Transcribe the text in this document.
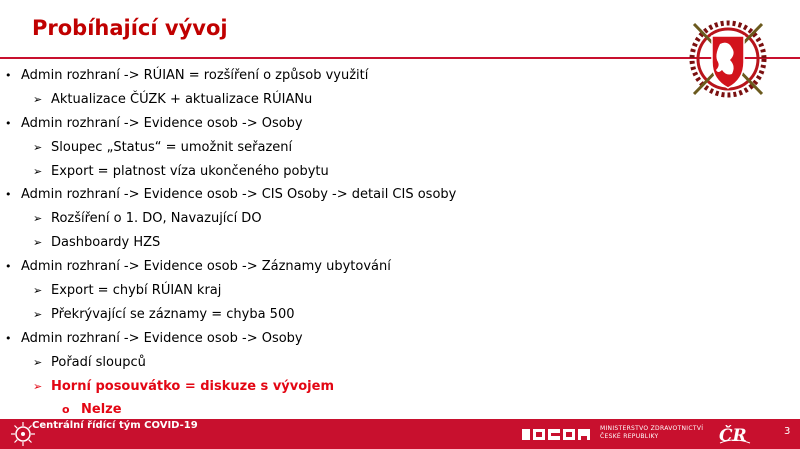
Probíhající vývoj
• Admin rozhraní -> RÚIAN = rozšíření o způsob využití
➢ Aktualizace ČÚZK + aktualizace RÚIANu
• Admin rozhraní -> Evidence osob -> Osoby
➢ Sloupec „Status“ = umožnit seřazení
➢ Export = platnost víza ukončeného pobytu
• Admin rozhraní -> Evidence osob -> CIS Osoby -> detail CIS osoby
➢ Rozšíření o 1. DO, Navazující DO
➢ Dashboardy HZS
• Admin rozhraní -> Evidence osob -> Záznamy ubytování
➢ Export = chybí RÚIAN kraj
➢ Překrývající se záznamy = chyba 500
• Admin rozhraní -> Evidence osob -> Osoby
➢ Pořadí sloupců
➢ Horní posouvátko = diskuze s vývojem
o Nelze
Centrální řídící tým COVID-19	MINISTERSTVO ZDRAVOTNICTVÍ
ČESKÉ REPUBLIKY	ČR	3
